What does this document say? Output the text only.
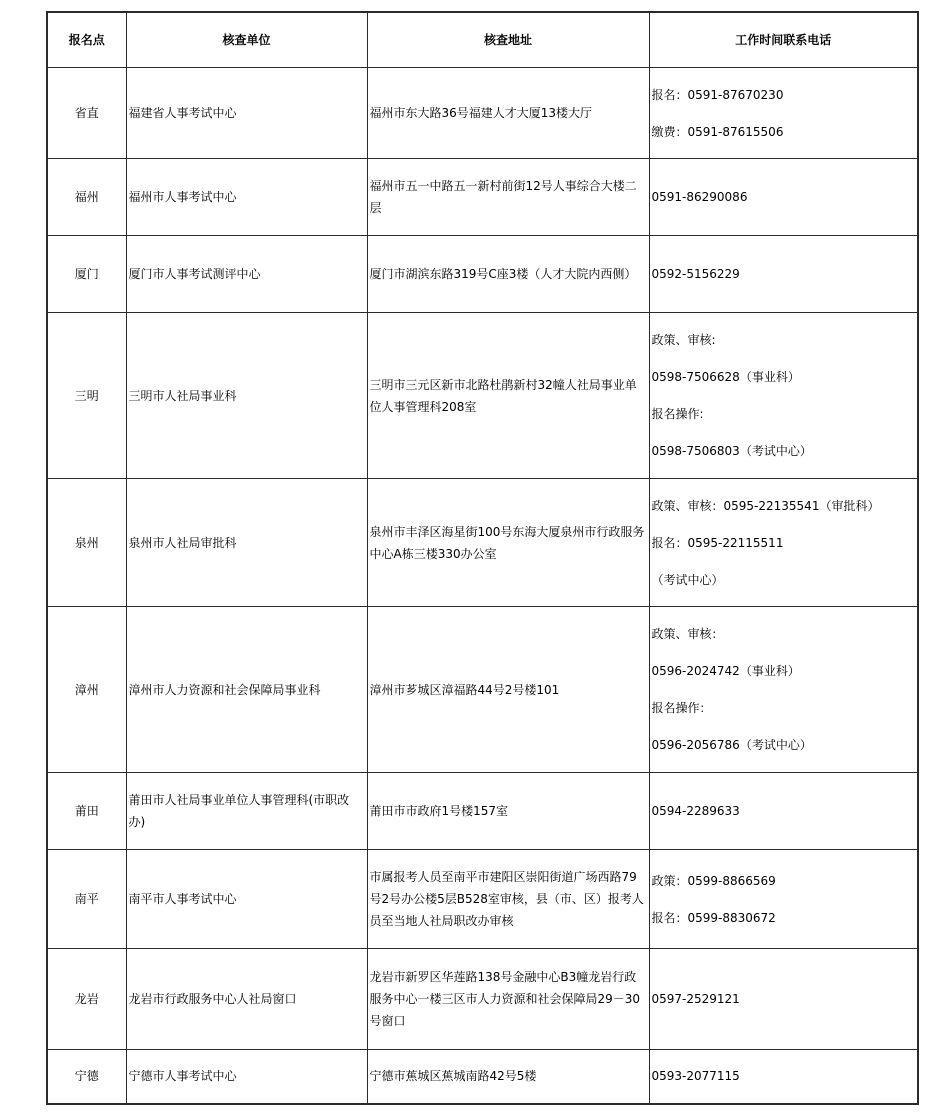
报名点	核查单位	核查地址	工作时间联系电话
省直	福建省人事考试中心	福州市东大路36号福建人才大厦13楼大厅	报名：0591-87670230
缴费：0591-87615506

福州	福州市人事考试中心	福州市五一中路五一新村前街12号人事综合大楼二层	0591-86290086

厦门	厦门市人事考试测评中心	厦门市湖滨东路319号C座3楼（人才大院内西侧）	0592-5156229

三明	三明市人社局事业科	三明市三元区新市北路杜鹃新村32幢人社局事业单位人事管理科208室	政策、审核:
0598-7506628（事业科）
报名操作:
0598-7506803（考试中心）

泉州	泉州市人社局审批科	泉州市丰泽区海星街100号东海大厦泉州市行政服务中心A栋三楼330办公室	政策、审核：0595-22135541（审批科）
报名：0595-22115511
（考试中心）

漳州	漳州市人力资源和社会保障局事业科	漳州市芗城区漳福路44号2号楼101	政策、审核：
0596-2024742（事业科）
报名操作：
0596-2056786（考试中心）

莆田	莆田市人社局事业单位人事管理科(市职改办)	莆田市市政府1号楼157室	0594-2289633

南平	南平市人事考试中心	市属报考人员至南平市建阳区崇阳街道广场西路79号2号办公楼5层B528室审核，县（市、区）报考人员至当地人社局职改办审核	政策：0599-8866569
报名：0599-8830672

龙岩	龙岩市行政服务中心人社局窗口	龙岩市新罗区华莲路138号金融中心B3幢龙岩行政服务中心一楼三区市人力资源和社会保障局29－30号窗口	0597-2529121

宁德	宁德市人事考试中心	宁德市蕉城区蕉城南路42号5楼	0593-2077115
